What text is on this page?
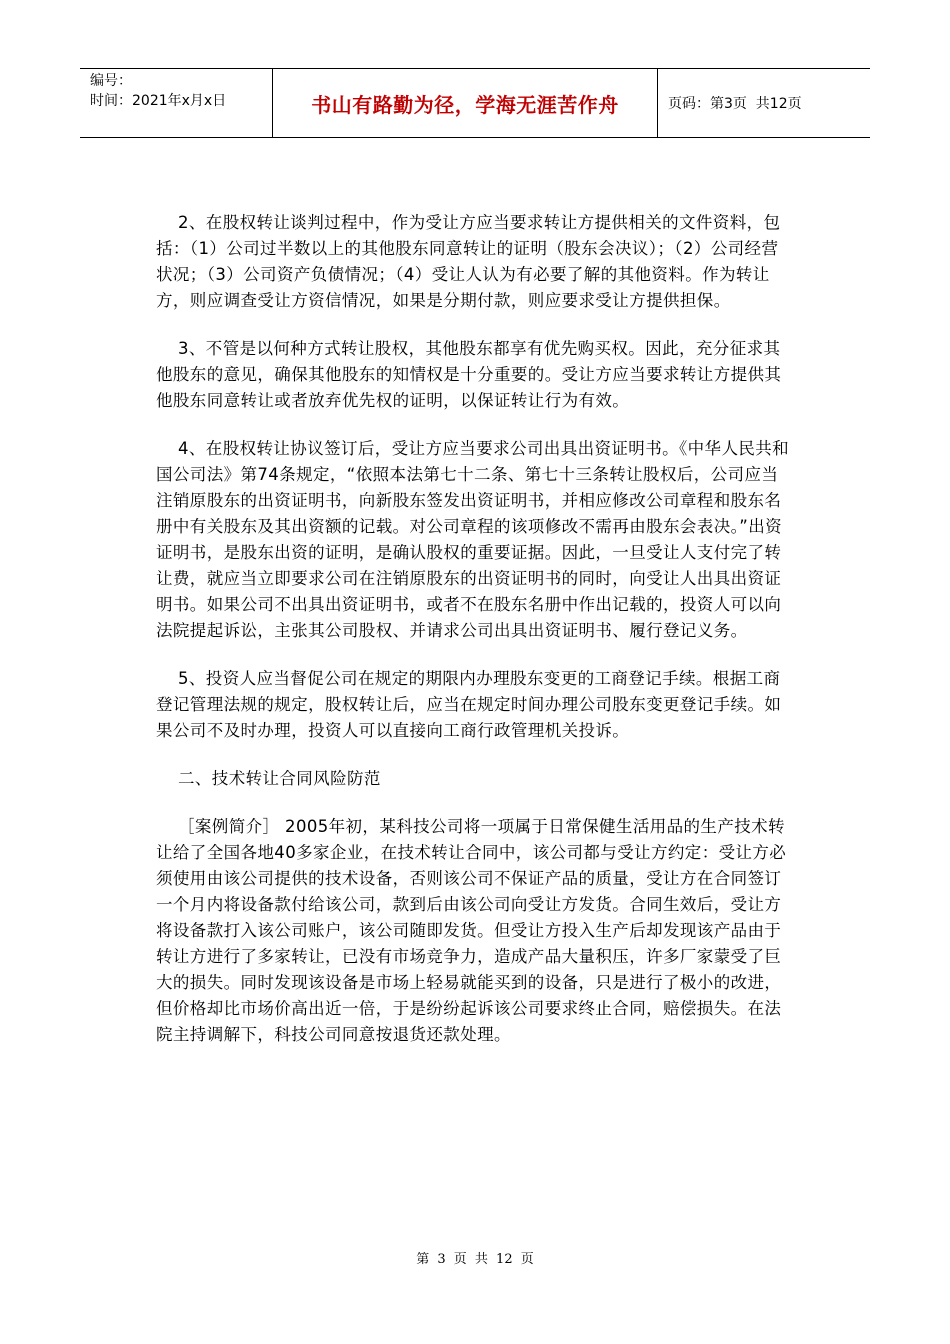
编号：
时间：2021年x月x日	书山有路勤为径，学海无涯苦作舟	页码：第3页  共12页

2、在股权转让谈判过程中，作为受让方应当要求转让方提供相关的文件资料，包括：（1）公司过半数以上的其他股东同意转让的证明（股东会决议）；（2）公司经营状况；（3）公司资产负债情况；（4）受让人认为有必要了解的其他资料。作为转让方，则应调查受让方资信情况，如果是分期付款，则应要求受让方提供担保。

3、不管是以何种方式转让股权，其他股东都享有优先购买权。因此，充分征求其他股东的意见，确保其他股东的知情权是十分重要的。受让方应当要求转让方提供其他股东同意转让或者放弃优先权的证明，以保证转让行为有效。

4、在股权转让协议签订后，受让方应当要求公司出具出资证明书。《中华人民共和国公司法》第74条规定，“依照本法第七十二条、第七十三条转让股权后，公司应当注销原股东的出资证明书，向新股东签发出资证明书，并相应修改公司章程和股东名册中有关股东及其出资额的记载。对公司章程的该项修改不需再由股东会表决。”出资证明书，是股东出资的证明，是确认股权的重要证据。因此，一旦受让人支付完了转让费，就应当立即要求公司在注销原股东的出资证明书的同时，向受让人出具出资证明书。如果公司不出具出资证明书，或者不在股东名册中作出记载的，投资人可以向法院提起诉讼，主张其公司股权、并请求公司出具出资证明书、履行登记义务。

5、投资人应当督促公司在规定的期限内办理股东变更的工商登记手续。根据工商登记管理法规的规定，股权转让后，应当在规定时间办理公司股东变更登记手续。如果公司不及时办理，投资人可以直接向工商行政管理机关投诉。

二、技术转让合同风险防范

［案例简介］ 2005年初，某科技公司将一项属于日常保健生活用品的生产技术转让给了全国各地40多家企业，在技术转让合同中，该公司都与受让方约定：受让方必须使用由该公司提供的技术设备，否则该公司不保证产品的质量，受让方在合同签订一个月内将设备款付给该公司，款到后由该公司向受让方发货。合同生效后，受让方将设备款打入该公司账户，该公司随即发货。但受让方投入生产后却发现该产品由于转让方进行了多家转让，已没有市场竞争力，造成产品大量积压，许多厂家蒙受了巨大的损失。同时发现该设备是市场上轻易就能买到的设备，只是进行了极小的改进，但价格却比市场价高出近一倍，于是纷纷起诉该公司要求终止合同，赔偿损失。在法院主持调解下，科技公司同意按退货还款处理。

第 3 页 共 12 页
